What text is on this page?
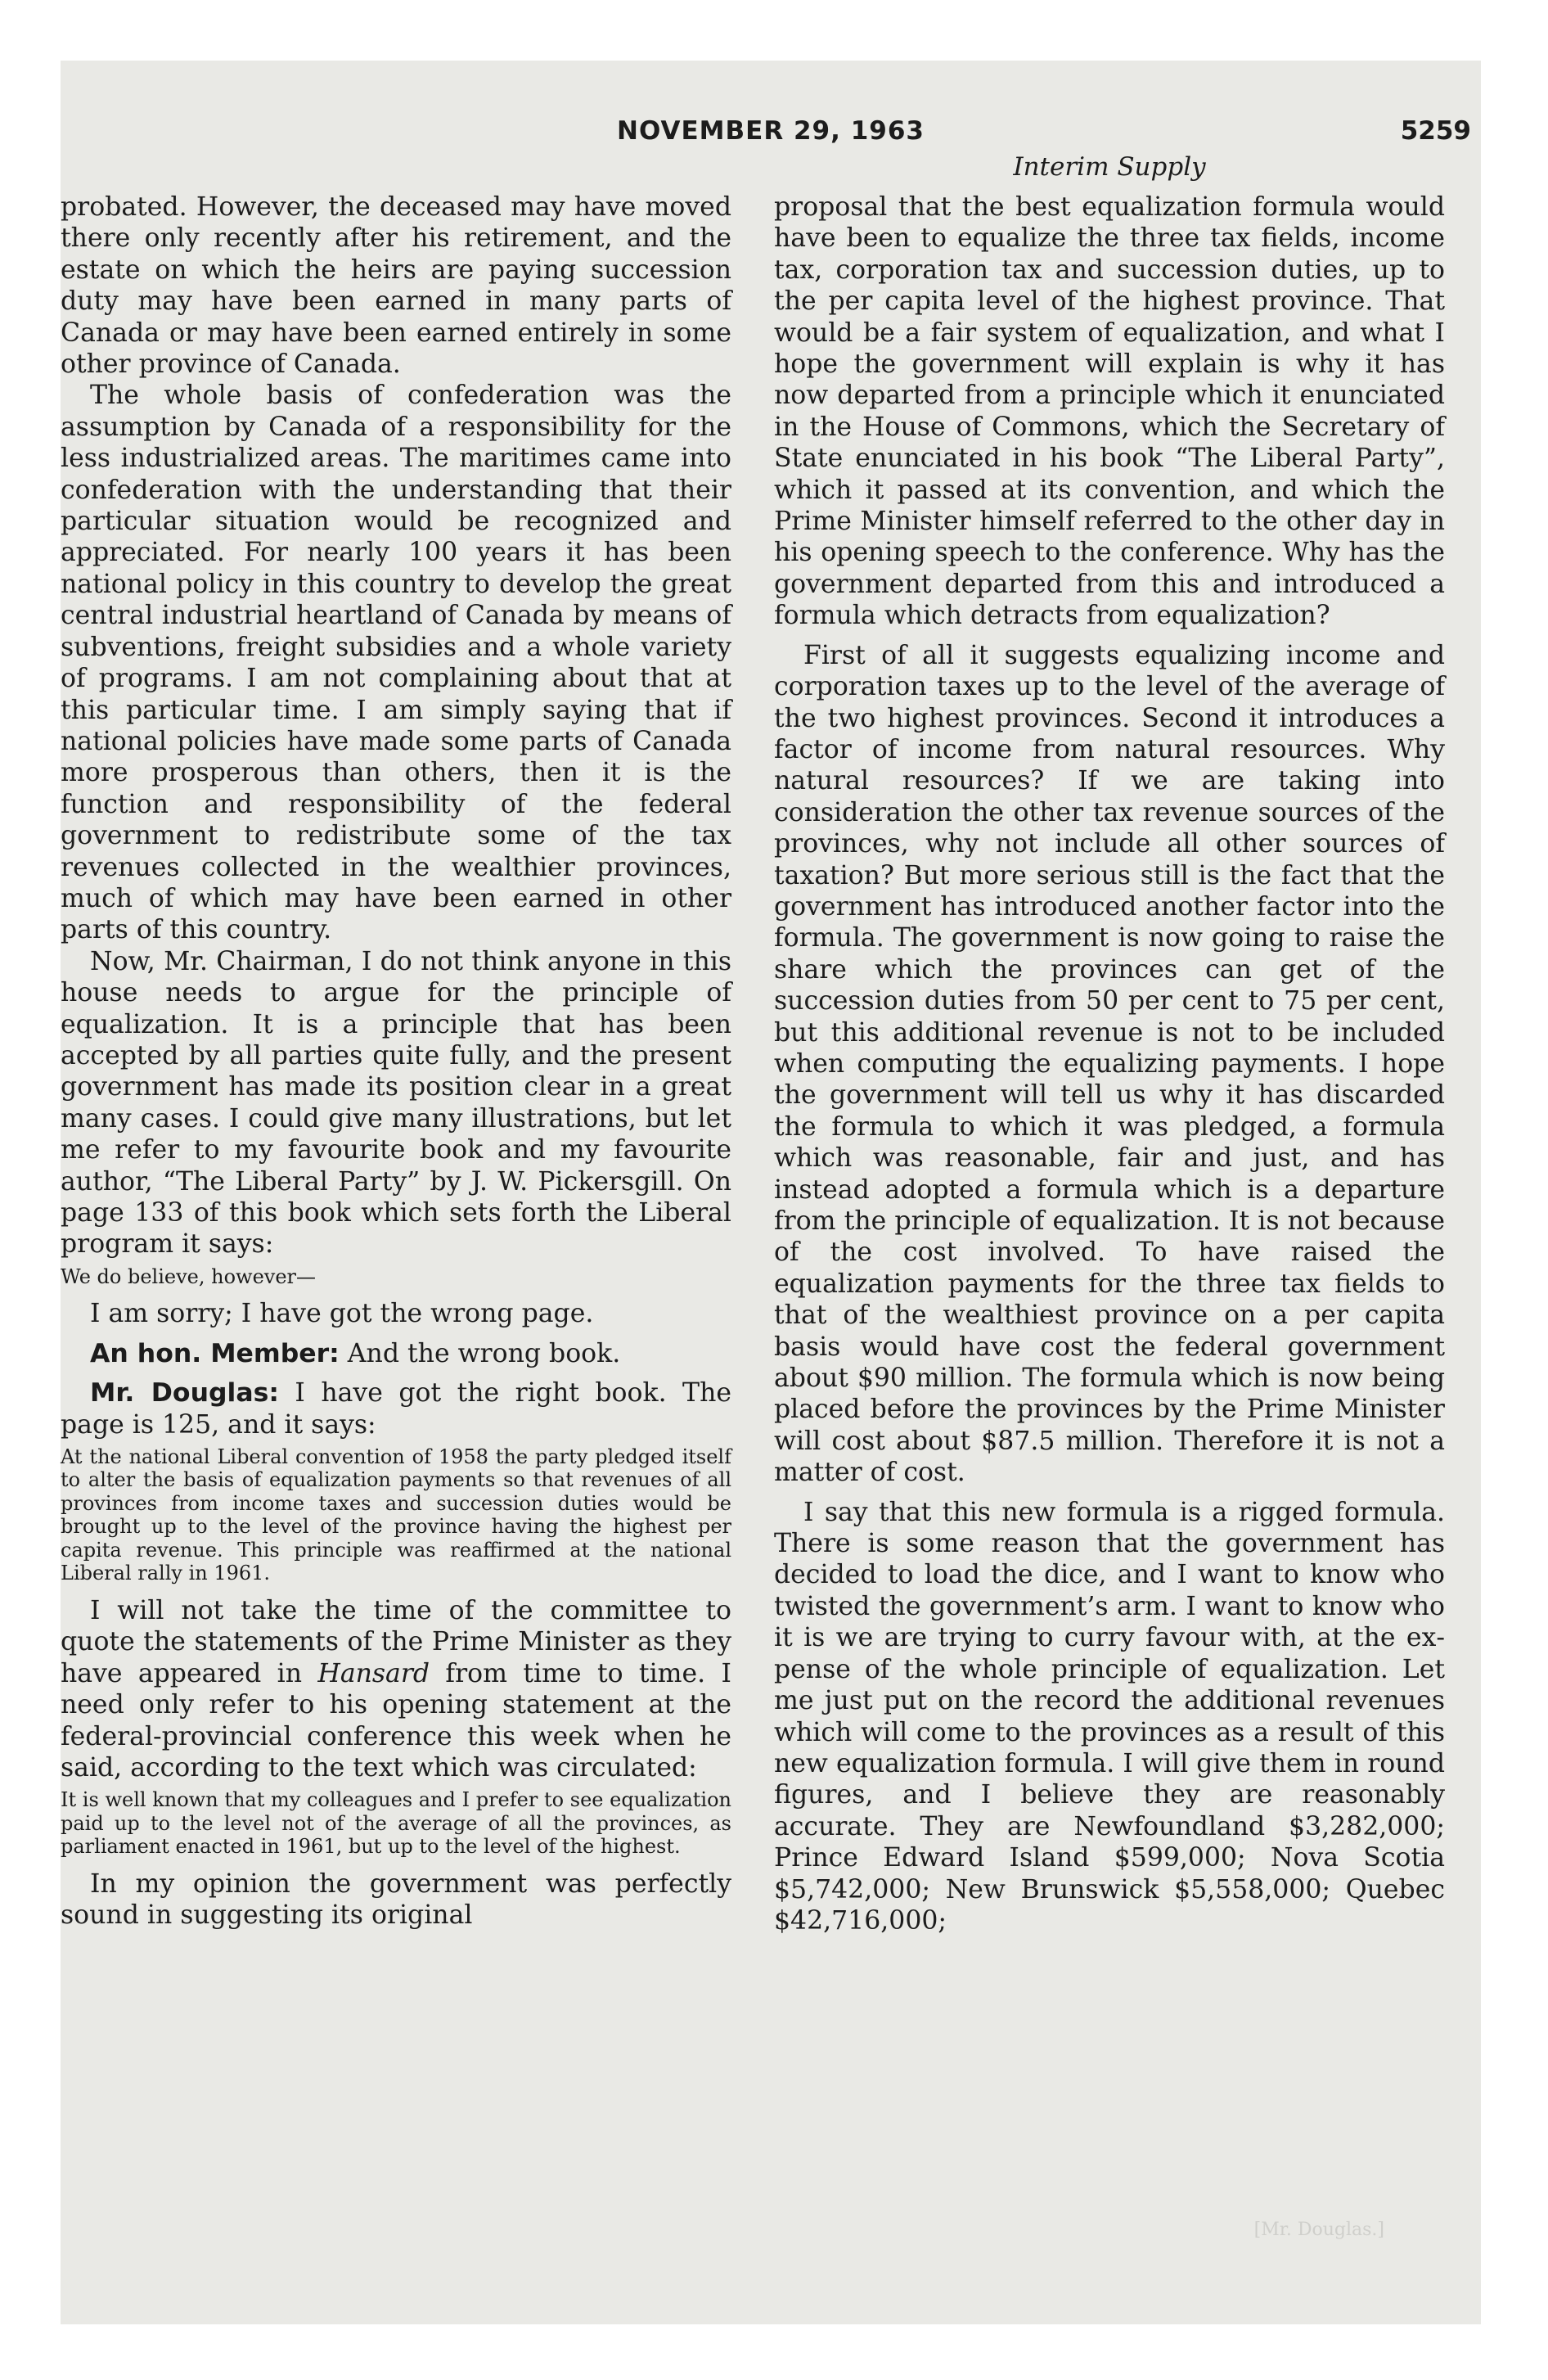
NOVEMBER 29, 1963	5259
Interim Supply

probated. However, the deceased may have moved there only recently after his retirement, and the estate on which the heirs are paying succession duty may have been earned in many parts of Canada or may have been earned entirely in some other province of Canada.

The whole basis of confederation was the assumption by Canada of a responsibility for the less industrialized areas. The maritimes came into confederation with the understanding that their particular situation would be recognized and appreciated. For nearly 100 years it has been national policy in this country to develop the great central industrial heartland of Canada by means of subventions, freight subsidies and a whole variety of programs. I am not complaining about that at this particular time. I am simply saying that if national policies have made some parts of Canada more prosperous than others, then it is the function and responsibility of the federal government to redistribute some of the tax revenues collected in the wealthier provinces, much of which may have been earned in other parts of this country.

Now, Mr. Chairman, I do not think anyone in this house needs to argue for the principle of equalization. It is a principle that has been accepted by all parties quite fully, and the present government has made its position clear in a great many cases. I could give many illustrations, but let me refer to my favourite book and my favourite author, “The Liberal Party” by J. W. Pickersgill. On page 133 of this book which sets forth the Liberal program it says:

We do believe, however—

I am sorry; I have got the wrong page.

An hon. Member: And the wrong book.

Mr. Douglas: I have got the right book. The page is 125, and it says:

At the national Liberal convention of 1958 the party pledged itself to alter the basis of equalization payments so that revenues of all provinces from income taxes and succession duties would be brought up to the level of the province having the highest per capita revenue. This principle was reaffirmed at the national Liberal rally in 1961.

I will not take the time of the committee to quote the statements of the Prime Minister as they have appeared in Hansard from time to time. I need only refer to his opening statement at the federal-provincial conference this week when he said, according to the text which was circulated:

It is well known that my colleagues and I prefer to see equalization paid up to the level not of the average of all the provinces, as parliament enacted in 1961, but up to the level of the highest.

In my opinion the government was perfectly sound in suggesting its original

proposal that the best equalization formula would have been to equalize the three tax fields, income tax, corporation tax and succession duties, up to the per capita level of the highest province. That would be a fair system of equalization, and what I hope the government will explain is why it has now departed from a principle which it enunciated in the House of Commons, which the Secretary of State enunciated in his book “The Liberal Party”, which it passed at its convention, and which the Prime Minister himself referred to the other day in his opening speech to the conference. Why has the government departed from this and introduced a formula which detracts from equalization?

First of all it suggests equalizing income and corporation taxes up to the level of the average of the two highest provinces. Second it introduces a factor of income from natural resources. Why natural resources? If we are taking into consideration the other tax revenue sources of the provinces, why not include all other sources of taxation? But more serious still is the fact that the government has introduced another factor into the formula. The government is now going to raise the share which the provinces can get of the succession duties from 50 per cent to 75 per cent, but this additional revenue is not to be included when computing the equalizing payments. I hope the government will tell us why it has discarded the formula to which it was pledged, a formula which was reasonable, fair and just, and has instead adopted a formula which is a departure from the principle of equalization. It is not because of the cost involved. To have raised the equalization payments for the three tax fields to that of the wealthiest province on a per capita basis would have cost the federal government about $90 million. The formula which is now being placed before the provinces by the Prime Minister will cost about $87.5 million. Therefore it is not a matter of cost.

I say that this new formula is a rigged formula. There is some reason that the government has decided to load the dice, and I want to know who twisted the government’s arm. I want to know who it is we are trying to curry favour with, at the expense of the whole principle of equalization. Let me just put on the record the additional revenues which will come to the provinces as a result of this new equalization formula. I will give them in round figures, and I believe they are reasonably accurate. They are Newfoundland $3,282,000; Prince Edward Island $599,000; Nova Scotia $5,742,000; New Brunswick $5,558,000; Quebec $42,716,000;

[Mr. Douglas.]
